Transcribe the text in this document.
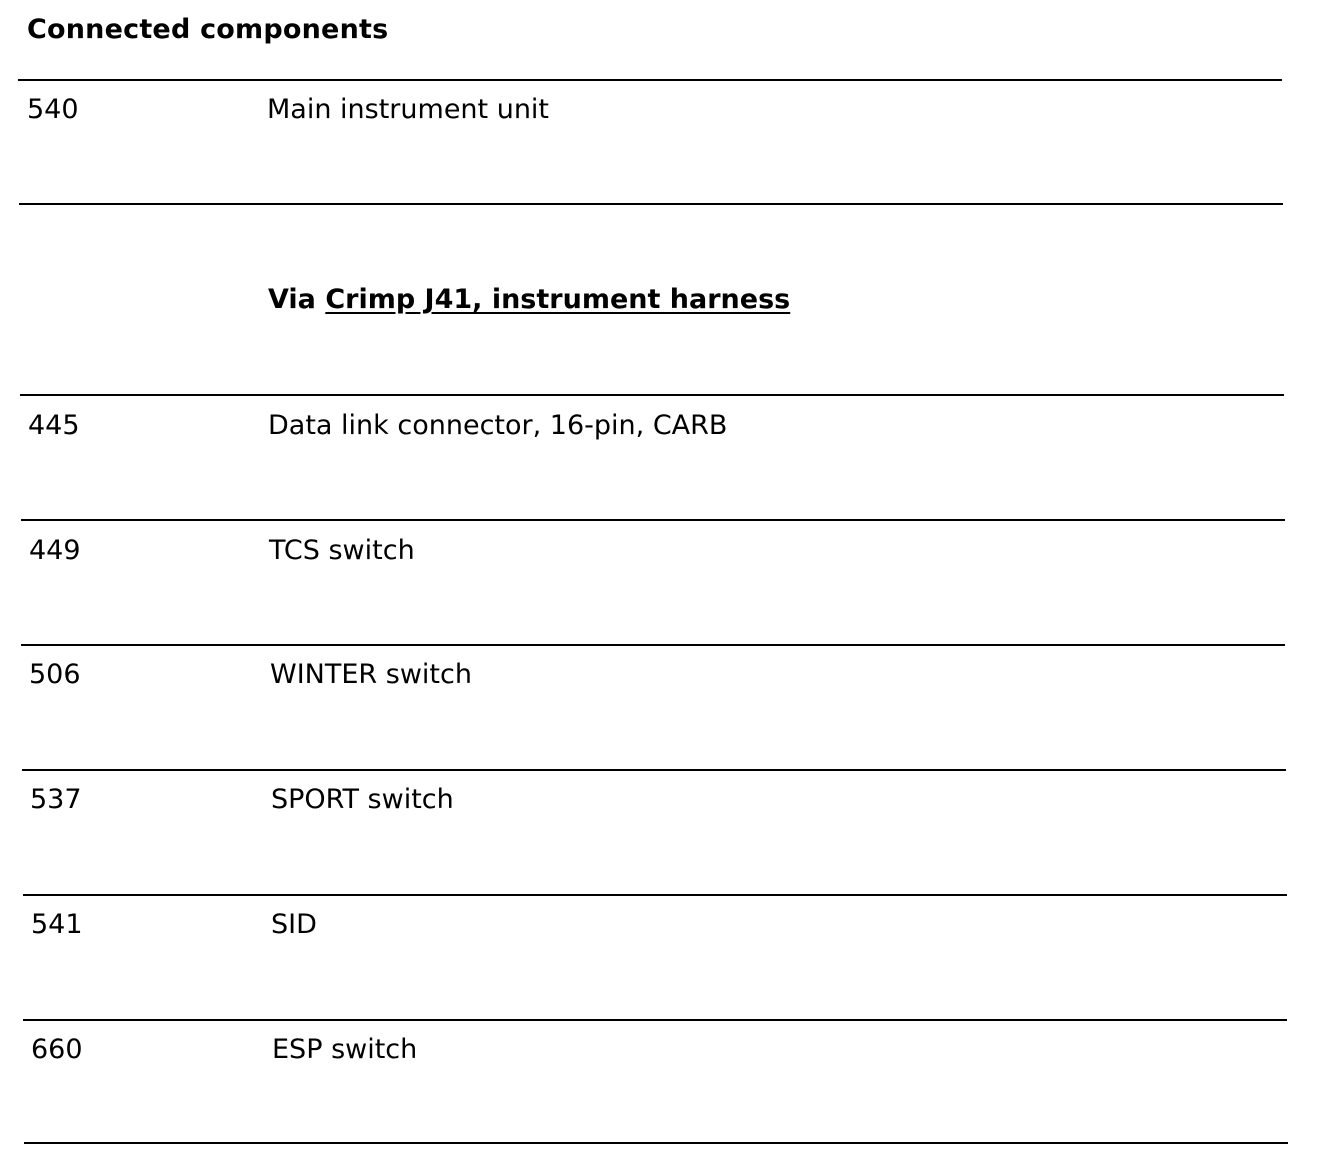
Connected components
540	Main instrument unit
Via Crimp J41, instrument harness
445	Data link connector, 16-pin, CARB
449	TCS switch
506	WINTER switch
537	SPORT switch
541	SID
660	ESP switch
